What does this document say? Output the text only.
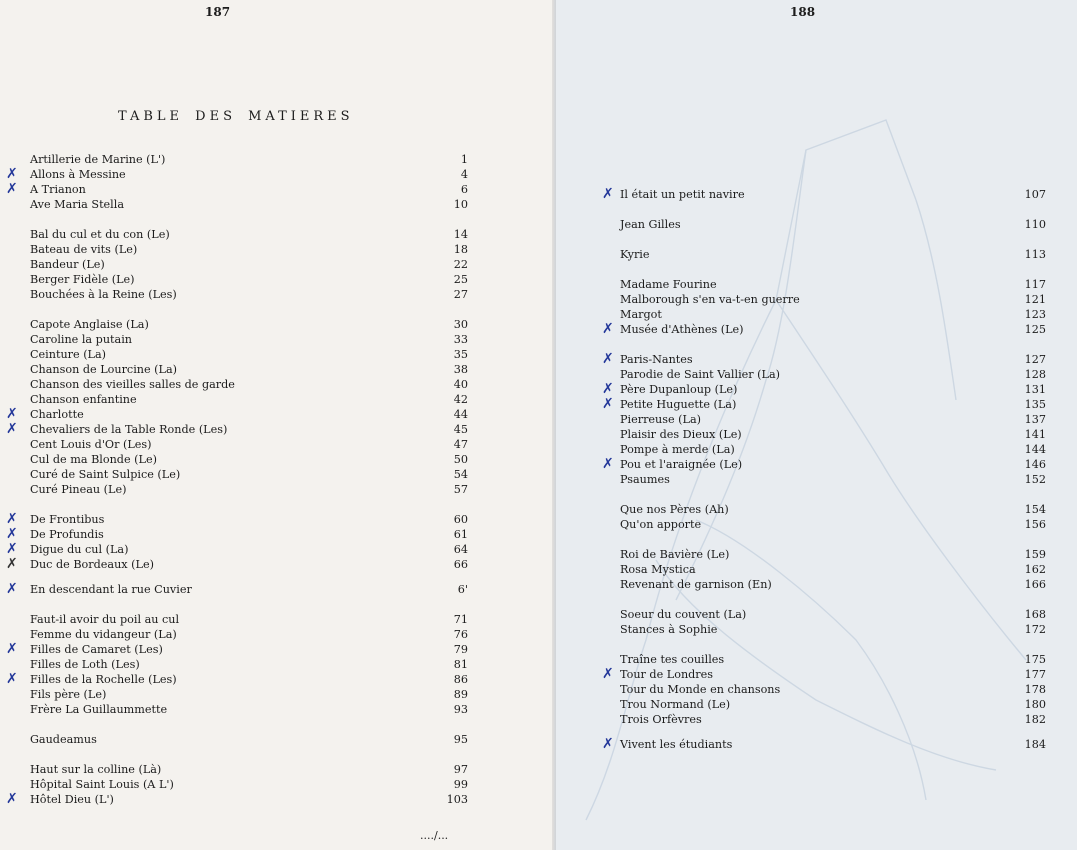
187
TABLE DES MATIERES
Artillerie de Marine (L')	1
Allons à Messine	4
✗
A Trianon	6
✗
Ave Maria Stella	10
Bal du cul et du con (Le)	14
Bateau de vits (Le)	18
Bandeur (Le)	22
Berger Fidèle (Le)	25
Bouchées à la Reine (Les)	27
Capote Anglaise (La)	30
Caroline la putain	33
Ceinture (La)	35
Chanson de Lourcine (La)	38
Chanson des vieilles salles de garde	40
Chanson enfantine	42
Charlotte	44
✗
Chevaliers de la Table Ronde (Les)	45
✗
Cent Louis d'Or (Les)	47
Cul de ma Blonde (Le)	50
Curé de Saint Sulpice (Le)	54
Curé Pineau (Le)	57
De Frontibus	60
✗
De Profundis	61
✗
Digue du cul (La)	64
✗
Duc de Bordeaux (Le)	66
✗
En descendant la rue Cuvier	6'
✗
Faut-il avoir du poil au cul	71
Femme du vidangeur (La)	76
Filles de Camaret (Les)	79
✗
Filles de Loth (Les)	81
Filles de la Rochelle (Les)	86
✗
Fils père (Le)	89
Frère La Guillaummette	93
Gaudeamus	95
Haut sur la colline (Là)	97
Hôpital Saint Louis (A L')	99
Hôtel Dieu (L')	103
✗
..../...
188
Il était un petit navire	107
✗
Jean Gilles	110
Kyrie	113
Madame Fourine	117
Malborough s'en va-t-en guerre	121
Margot	123
Musée d'Athènes (Le)	125
✗
Paris-Nantes	127
✗
Parodie de Saint Vallier (La)	128
Père Dupanloup (Le)	131
✗
Petite Huguette (La)	135
✗
Pierreuse (La)	137
Plaisir des Dieux (Le)	141
Pompe à merde (La)	144
Pou et l'araignée (Le)	146
✗
Psaumes	152
Que nos Pères (Ah)	154
Qu'on apporte	156
Roi de Bavière (Le)	159
Rosa Mystica	162
Revenant de garnison (En)	166
Soeur du couvent (La)	168
Stances à Sophie	172
Traîne tes couilles	175
Tour de Londres	177
✗
Tour du Monde en chansons	178
Trou Normand (Le)	180
Trois Orfèvres	182
Vivent les étudiants	184
✗
